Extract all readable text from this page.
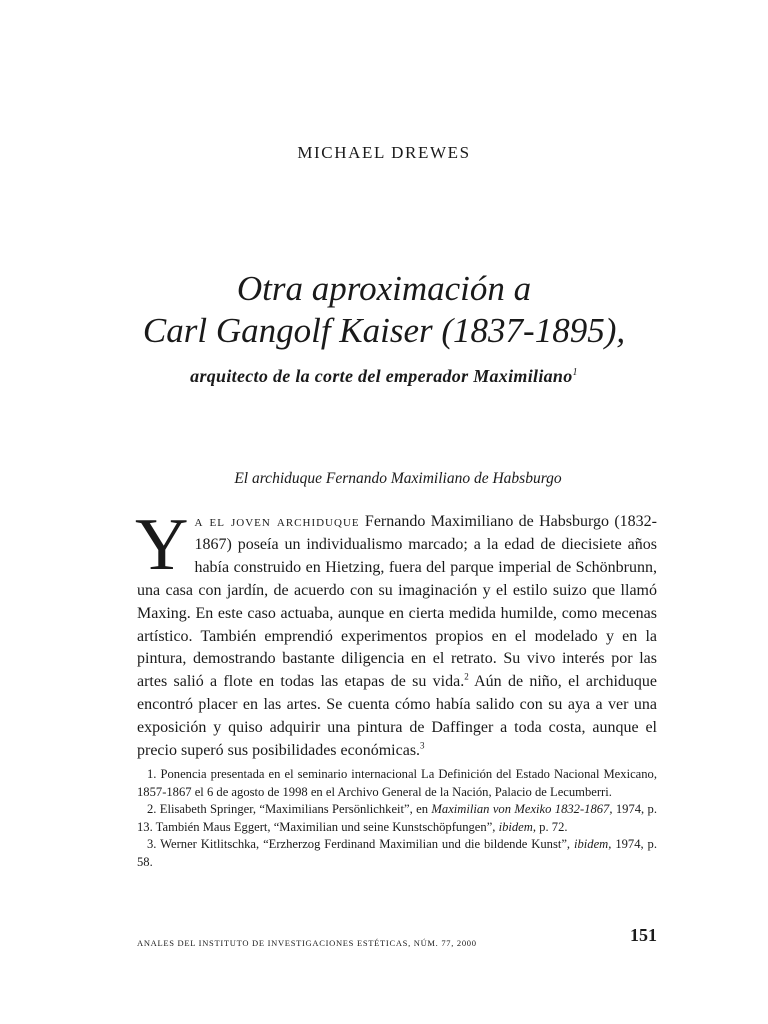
MICHAEL DREWES
Otra aproximación a
Carl Gangolf Kaiser (1837-1895),
arquitecto de la corte del emperador Maximiliano$^1$
El archiduque Fernando Maximiliano de Habsburgo
Ya el joven archiduque Fernando Maximiliano de Habsburgo (1832-1867) poseía un individualismo marcado; a la edad de diecisiete años había construido en Hietzing, fuera del parque imperial de Schönbrunn, una casa con jardín, de acuerdo con su imaginación y el estilo suizo que llamó Maxing. En este caso actuaba, aunque en cierta medida humilde, como mecenas artístico. También emprendió experimentos propios en el modelado y en la pintura, demostrando bastante diligencia en el retrato. Su vivo interés por las artes salió a flote en todas las etapas de su vida.$^2$ Aún de niño, el archiduque encontró placer en las artes. Se cuenta cómo había salido con su aya a ver una exposición y quiso adquirir una pintura de Daffinger a toda costa, aunque el precio superó sus posibilidades económicas.$^3$

1. Ponencia presentada en el seminario internacional La Definición del Estado Nacional Mexicano, 1857-1867 el 6 de agosto de 1998 en el Archivo General de la Nación, Palacio de Lecumberri.

2. Elisabeth Springer, “Maximilians Persönlichkeit”, en Maximilian von Mexiko 1832-1867, 1974, p. 13. También Maus Eggert, “Maximilian und seine Kunstschöpfungen”, ibidem, p. 72.

3. Werner Kitlitschka, “Erzherzog Ferdinand Maximilian und die bildende Kunst”, ibidem, 1974, p. 58.

ANALES DEL INSTITUTO DE INVESTIGACIONES ESTÉTICAS, NÚM. 77, 2000	151
